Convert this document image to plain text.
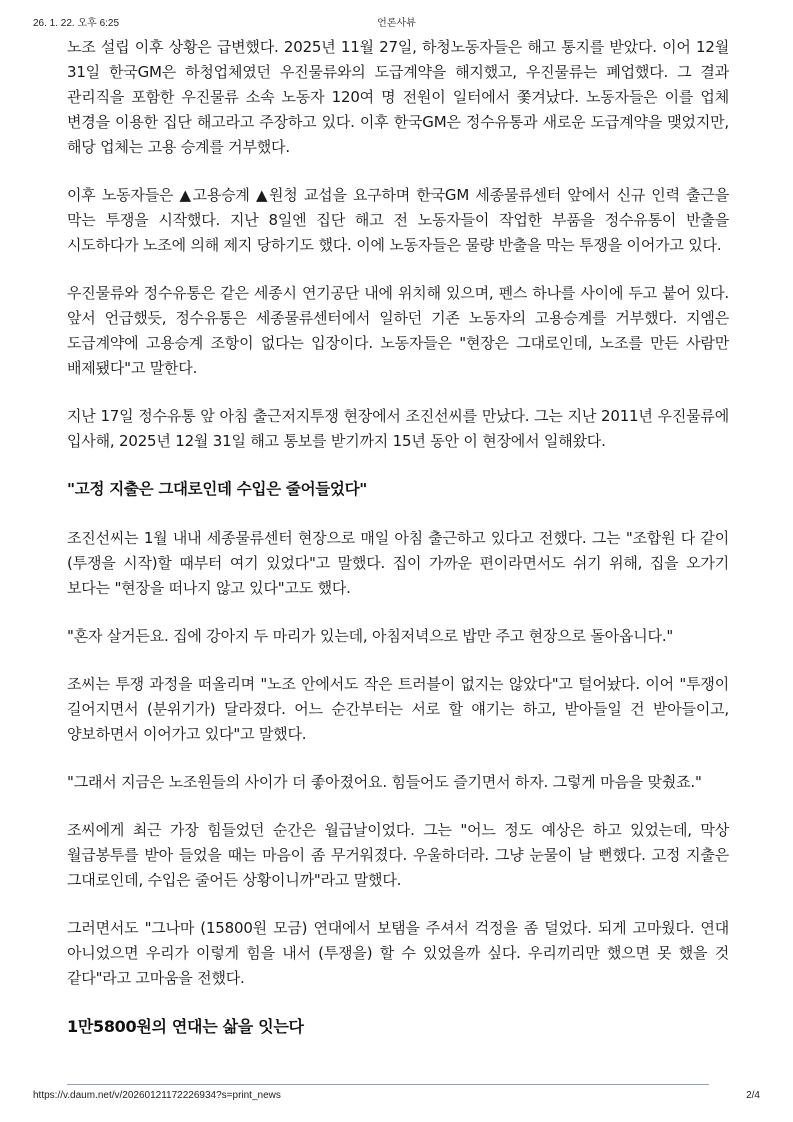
26. 1. 22. 오후 6:25	언론사뷰

노조 설립 이후 상황은 급변했다. 2025년 11월 27일, 하청노동자들은 해고 통지를 받았다. 이어 12월 31일 한국GM은 하청업체였던 우진물류와의 도급계약을 해지했고, 우진물류는 폐업했다. 그 결과 관리직을 포함한 우진물류 소속 노동자 120여 명 전원이 일터에서 쫓겨났다. 노동자들은 이를 업체 변경을 이용한 집단 해고라고 주장하고 있다. 이후 한국GM은 정수유통과 새로운 도급계약을 맺었지만, 해당 업체는 고용 승계를 거부했다.

이후 노동자들은 ▲고용승계 ▲원청 교섭을 요구하며 한국GM 세종물류센터 앞에서 신규 인력 출근을 막는 투쟁을 시작했다. 지난 8일엔 집단 해고 전 노동자들이 작업한 부품을 정수유통이 반출을 시도하다가 노조에 의해 제지 당하기도 했다. 이에 노동자들은 물량 반출을 막는 투쟁을 이어가고 있다.

우진물류와 정수유통은 같은 세종시 연기공단 내에 위치해 있으며, 펜스 하나를 사이에 두고 붙어 있다. 앞서 언급했듯, 정수유통은 세종물류센터에서 일하던 기존 노동자의 고용승계를 거부했다. 지엠은 도급계약에 고용승계 조항이 없다는 입장이다. 노동자들은 "현장은 그대로인데, 노조를 만든 사람만 배제됐다"고 말한다.

지난 17일 정수유통 앞 아침 출근저지투쟁 현장에서 조진선씨를 만났다. 그는 지난 2011년 우진물류에 입사해, 2025년 12월 31일 해고 통보를 받기까지 15년 동안 이 현장에서 일해왔다.

"고정 지출은 그대로인데 수입은 줄어들었다"

조진선씨는 1월 내내 세종물류센터 현장으로 매일 아침 출근하고 있다고 전했다. 그는 "조합원 다 같이 (투쟁을 시작)할 때부터 여기 있었다"고 말했다. 집이 가까운 편이라면서도 쉬기 위해, 집을 오가기 보다는 "현장을 떠나지 않고 있다"고도 했다.

"혼자 살거든요. 집에 강아지 두 마리가 있는데, 아침저녁으로 밥만 주고 현장으로 돌아옵니다."

조씨는 투쟁 과정을 떠올리며 "노조 안에서도 작은 트러블이 없지는 않았다"고 털어놨다. 이어 "투쟁이 길어지면서 (분위기가) 달라졌다. 어느 순간부터는 서로 할 얘기는 하고, 받아들일 건 받아들이고, 양보하면서 이어가고 있다"고 말했다.

"그래서 지금은 노조원들의 사이가 더 좋아졌어요. 힘들어도 즐기면서 하자. 그렇게 마음을 맞췄죠."

조씨에게 최근 가장 힘들었던 순간은 월급날이었다. 그는 "어느 정도 예상은 하고 있었는데, 막상 월급봉투를 받아 들었을 때는 마음이 좀 무거워졌다. 우울하더라. 그냥 눈물이 날 뻔했다. 고정 지출은 그대로인데, 수입은 줄어든 상황이니까"라고 말했다.

그러면서도 "그나마 (15800원 모금) 연대에서 보탬을 주셔서 걱정을 좀 덜었다. 되게 고마웠다. 연대 아니었으면 우리가 이렇게 힘을 내서 (투쟁을) 할 수 있었을까 싶다. 우리끼리만 했으면 못 했을 것 같다"라고 고마움을 전했다.

1만5800원의 연대는 삶을 잇는다
https://v.daum.net/v/20260121172226934?s=print_news	2/4
